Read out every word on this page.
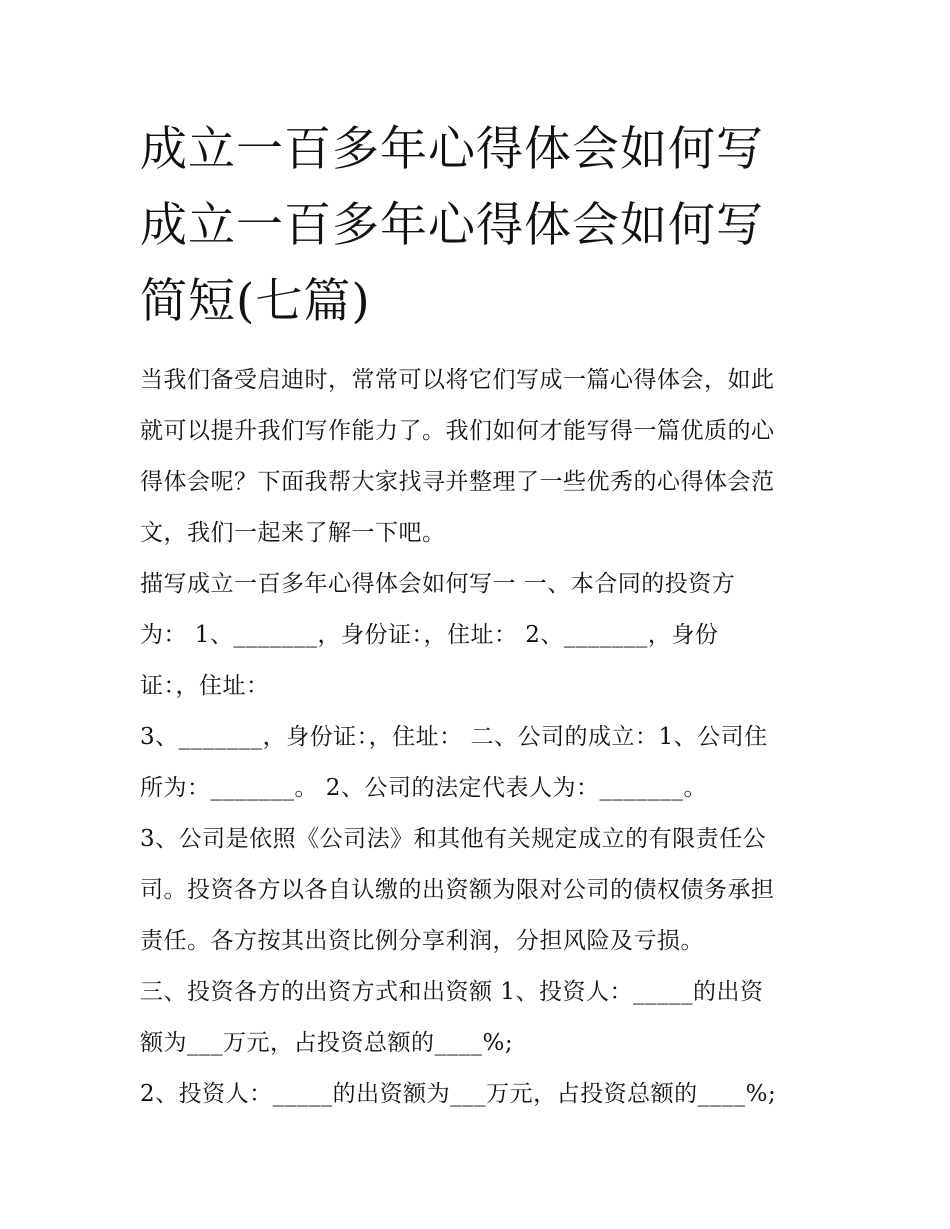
成立一百多年心得体会如何写
成立一百多年心得体会如何写
简短(七篇)
当我们备受启迪时，常常可以将它们写成一篇心得体会，如此
就可以提升我们写作能力了。我们如何才能写得一篇优质的心
得体会呢？下面我帮大家找寻并整理了一些优秀的心得体会范
文，我们一起来了解一下吧。
描写成立一百多年心得体会如何写一 一、本合同的投资方
为： 1、_______，身份证：，住址： 2、_______，身份
证：，住址：
3、_______，身份证：，住址： 二、公司的成立：1、公司住
所为：_______。 2、公司的法定代表人为：_______。
3、公司是依照《公司法》和其他有关规定成立的有限责任公
司。投资各方以各自认缴的出资额为限对公司的债权债务承担
责任。各方按其出资比例分享利润，分担风险及亏损。
三、投资各方的出资方式和出资额 1、投资人：_____的出资
额为___万元，占投资总额的____%;
2、投资人：_____的出资额为___万元，占投资总额的____%;
